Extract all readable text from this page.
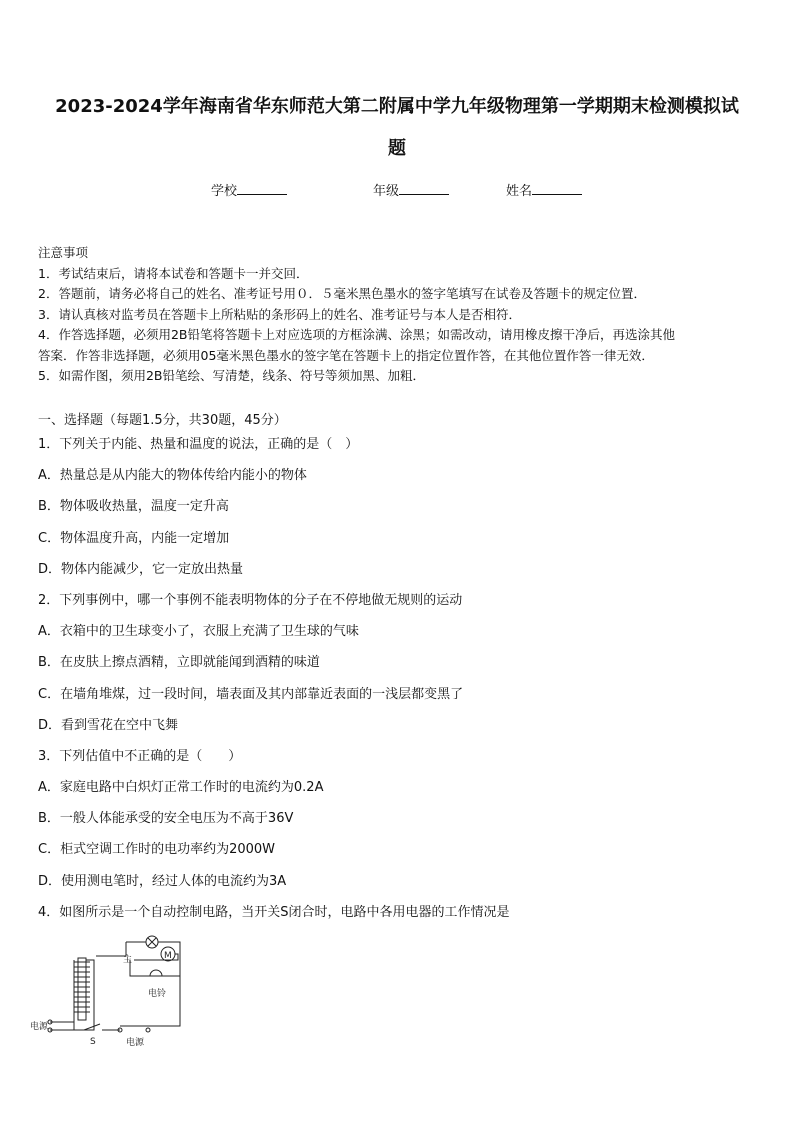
2023-2024学年海南省华东师范大第二附属中学九年级物理第一学期期末检测模拟试
题
学校	年级	姓名

注意事项

1．考试结束后，请将本试卷和答题卡一并交回．

2．答题前，请务必将自己的姓名、准考证号用０．５毫米黑色墨水的签字笔填写在试卷及答题卡的规定位置．

3．请认真核对监考员在答题卡上所粘贴的条形码上的姓名、准考证号与本人是否相符．

4．作答选择题，必须用2B铅笔将答题卡上对应选项的方框涂满、涂黑；如需改动，请用橡皮擦干净后，再选涂其他

答案．作答非选择题，必须用05毫米黑色墨水的签字笔在答题卡上的指定位置作答，在其他位置作答一律无效．

5．如需作图，须用2B铅笔绘、写清楚，线条、符号等须加黑、加粗．

一、选择题（每题1.5分，共30题，45分）

1．下列关于内能、热量和温度的说法，正确的是（　）

A．热量总是从内能大的物体传给内能小的物体

B．物体吸收热量，温度一定升高

C．物体温度升高，内能一定增加

D．物体内能减少，它一定放出热量

2．下列事例中，哪一个事例不能表明物体的分子在不停地做无规则的运动

A．衣箱中的卫生球变小了，衣服上充满了卫生球的气味

B．在皮肤上擦点酒精，立即就能闻到酒精的味道

C．在墙角堆煤，过一段时间，墙表面及其内部靠近表面的一浅层都变黑了

D．看到雪花在空中飞舞

3．下列估值中不正确的是（　　）

A．家庭电路中白炽灯正常工作时的电流约为0.2A

B．一般人体能承受的安全电压为不高于36V

C．柜式空调工作时的电功率约为2000W

D．使用测电笔时，经过人体的电流约为3A

4．如图所示是一个自动控制电路，当开关S闭合时，电路中各用电器的工作情况是

M
电铃
主
电源
S	电源
